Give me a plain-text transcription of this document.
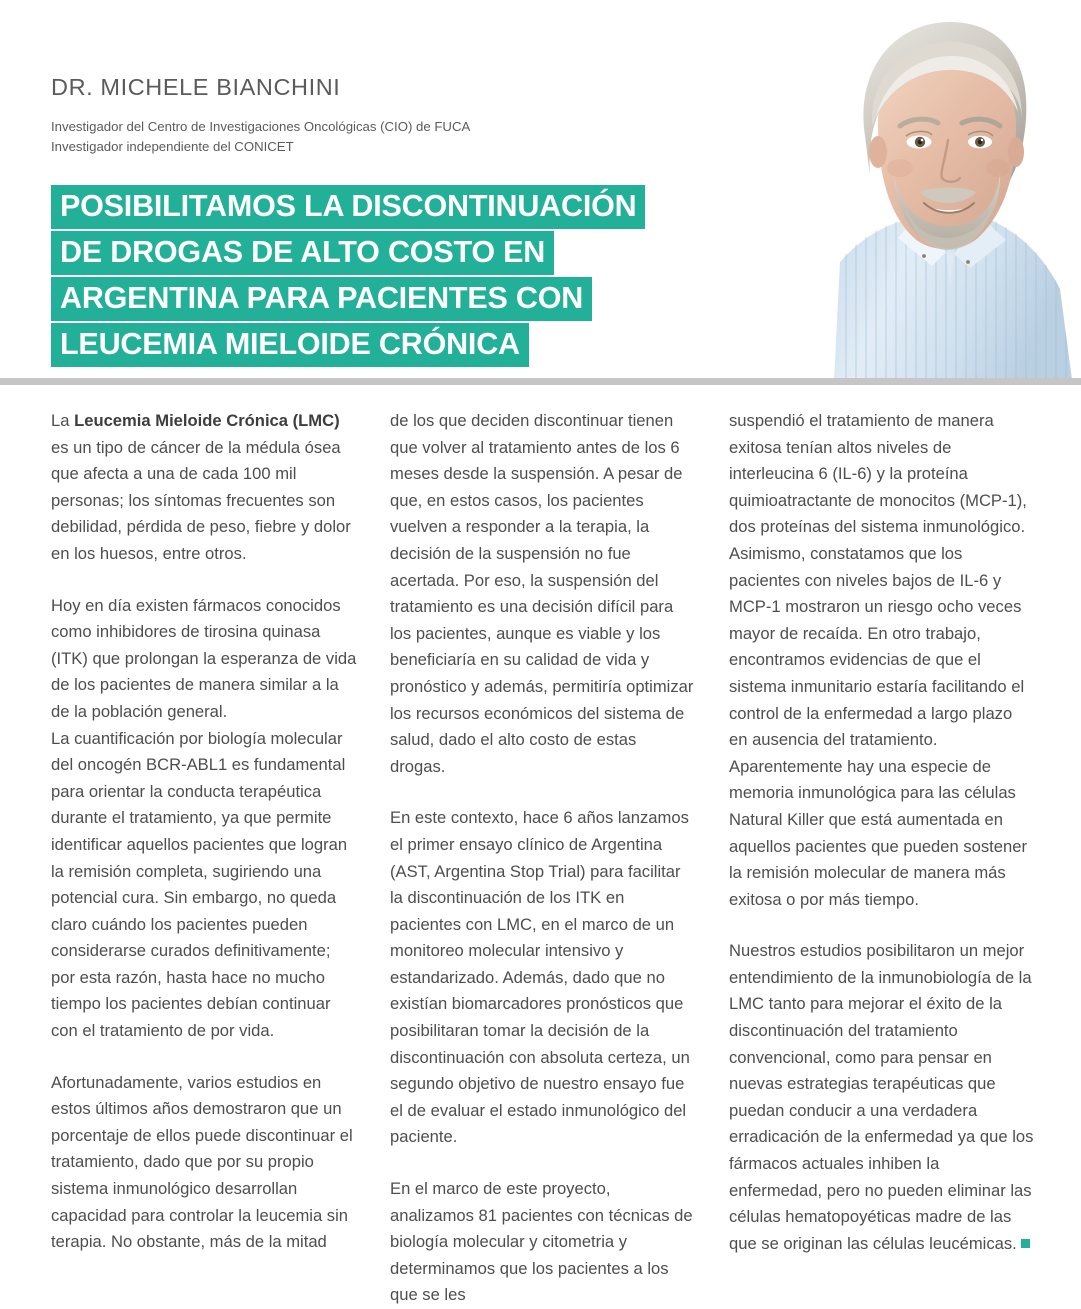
DR. MICHELE BIANCHINI
Investigador del Centro de Investigaciones Oncológicas (CIO) de FUCA
Investigador independiente del CONICET
POSIBILITAMOS LA DISCONTINUACIÓN
DE DROGAS DE ALTO COSTO EN
ARGENTINA PARA PACIENTES CON
LEUCEMIA MIELOIDE CRÓNICA

La Leucemia Mieloide Crónica (LMC) es un tipo de cáncer de la médula ósea que afecta a una de cada 100 mil personas; los síntomas frecuentes son debilidad, pérdida de peso, fiebre y dolor en los huesos, entre otros.

Hoy en día existen fármacos conocidos como inhibidores de tirosina quinasa (ITK) que prolongan la esperanza de vida de los pacientes de manera similar a la de la población general.
La cuantificación por biología molecular del oncogén BCR-ABL1 es fundamental para orientar la conducta terapéutica durante el tratamiento, ya que permite identificar aquellos pacientes que logran la remisión completa, sugiriendo una potencial cura. Sin embargo, no queda claro cuándo los pacientes pueden considerarse curados definitivamente; por esta razón, hasta hace no mucho tiempo los pacientes debían continuar con el tratamiento de por vida.

Afortunadamente, varios estudios en estos últimos años demostraron que un porcentaje de ellos puede discontinuar el tratamiento, dado que por su propio sistema inmunológico desarrollan capacidad para controlar la leucemia sin terapia. No obstante, más de la mitad

de los que deciden discontinuar tienen que volver al tratamiento antes de los 6 meses desde la suspensión. A pesar de que, en estos casos, los pacientes vuelven a responder a la terapia, la decisión de la suspensión no fue acertada. Por eso, la suspensión del tratamiento es una decisión difícil para los pacientes, aunque es viable y los beneficiaría en su calidad de vida y pronóstico y además, permitiría optimizar los recursos económicos del sistema de salud, dado el alto costo de estas drogas.

En este contexto, hace 6 años lanzamos el primer ensayo clínico de Argentina (AST, Argentina Stop Trial) para facilitar la discontinuación de los ITK en pacientes con LMC, en el marco de un monitoreo molecular intensivo y estandarizado. Además, dado que no existían biomarcadores pronósticos que posibilitaran tomar la decisión de la discontinuación con absoluta certeza, un segundo objetivo de nuestro ensayo fue el de evaluar el estado inmunológico del paciente.

En el marco de este proyecto, analizamos 81 pacientes con técnicas de biología molecular y citometria y determinamos que los pacientes a los que se les

suspendió el tratamiento de manera exitosa tenían altos niveles de interleucina 6 (IL-6) y la proteína quimioatractante de monocitos (MCP-1), dos proteínas del sistema inmunológico. Asimismo, constatamos que los pacientes con niveles bajos de IL-6 y MCP-1 mostraron un riesgo ocho veces mayor de recaída. En otro trabajo, encontramos evidencias de que el sistema inmunitario estaría facilitando el control de la enfermedad a largo plazo en ausencia del tratamiento. Aparentemente hay una especie de memoria inmunológica para las células Natural Killer que está aumentada en aquellos pacientes que pueden sostener la remisión molecular de manera más exitosa o por más tiempo.

Nuestros estudios posibilitaron un mejor entendimiento de la inmunobiología de la LMC tanto para mejorar el éxito de la discontinuación del tratamiento convencional, como para pensar en nuevas estrategias terapéuticas que puedan conducir a una verdadera erradicación de la enfermedad ya que los fármacos actuales inhiben la enfermedad, pero no pueden eliminar las células hematopoyéticas madre de las que se originan las células leucémicas.
